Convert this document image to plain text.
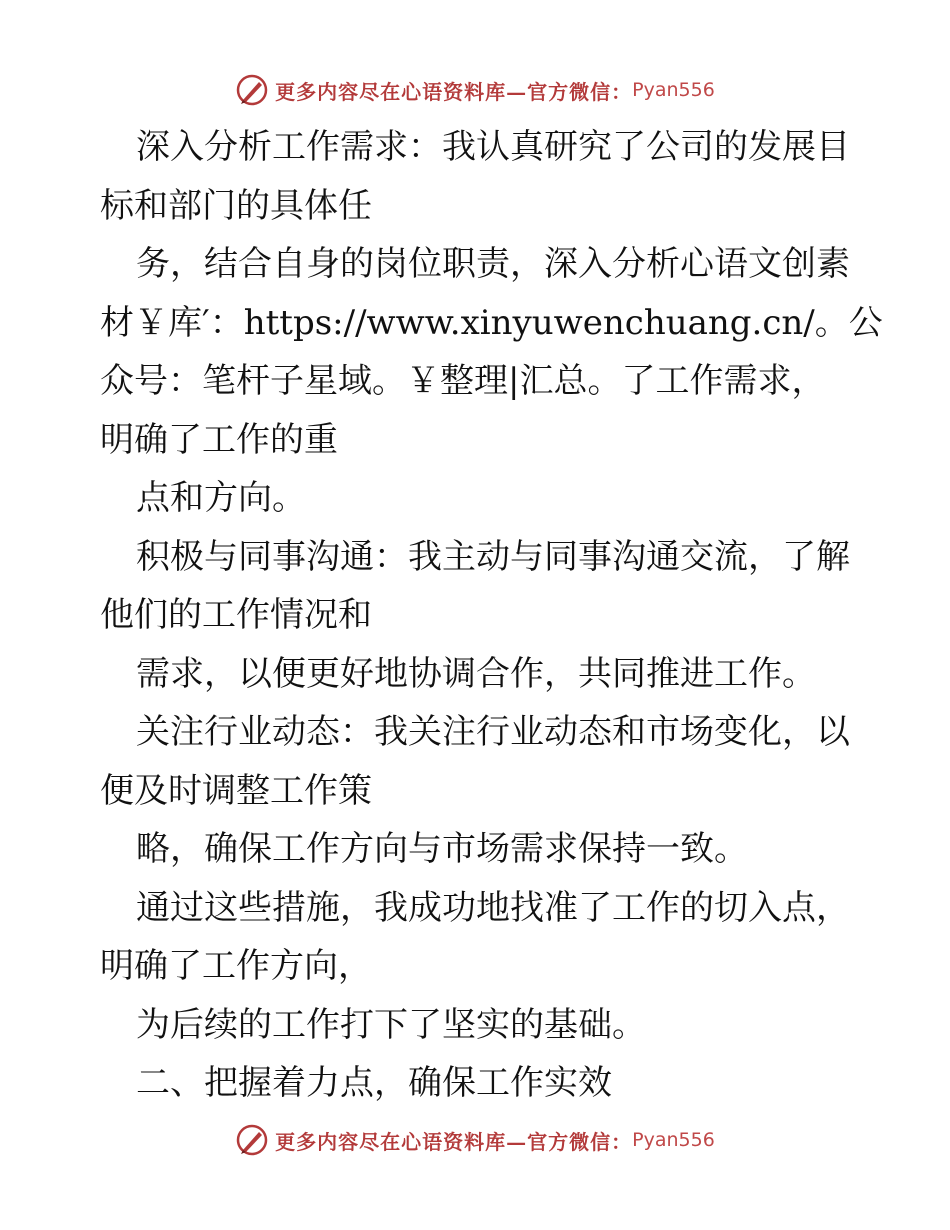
更多内容尽在心语资料库—官方微信： Pyan556
深入分析工作需求：我认真研究了公司的发展目
标和部门的具体任
务，结合自身的岗位职责，深入分析心语文创素
材￥库′：https://www.xinyuwenchuang.cn/。公
众号：笔杆子星域。￥整理|汇总。了工作需求，
明确了工作的重
点和方向。
积极与同事沟通：我主动与同事沟通交流，了解
他们的工作情况和
需求，以便更好地协调合作，共同推进工作。
关注行业动态：我关注行业动态和市场变化，以
便及时调整工作策
略，确保工作方向与市场需求保持一致。
通过这些措施，我成功地找准了工作的切入点，
明确了工作方向，
为后续的工作打下了坚实的基础。
二、把握着力点，确保工作实效
更多内容尽在心语资料库—官方微信： Pyan556
